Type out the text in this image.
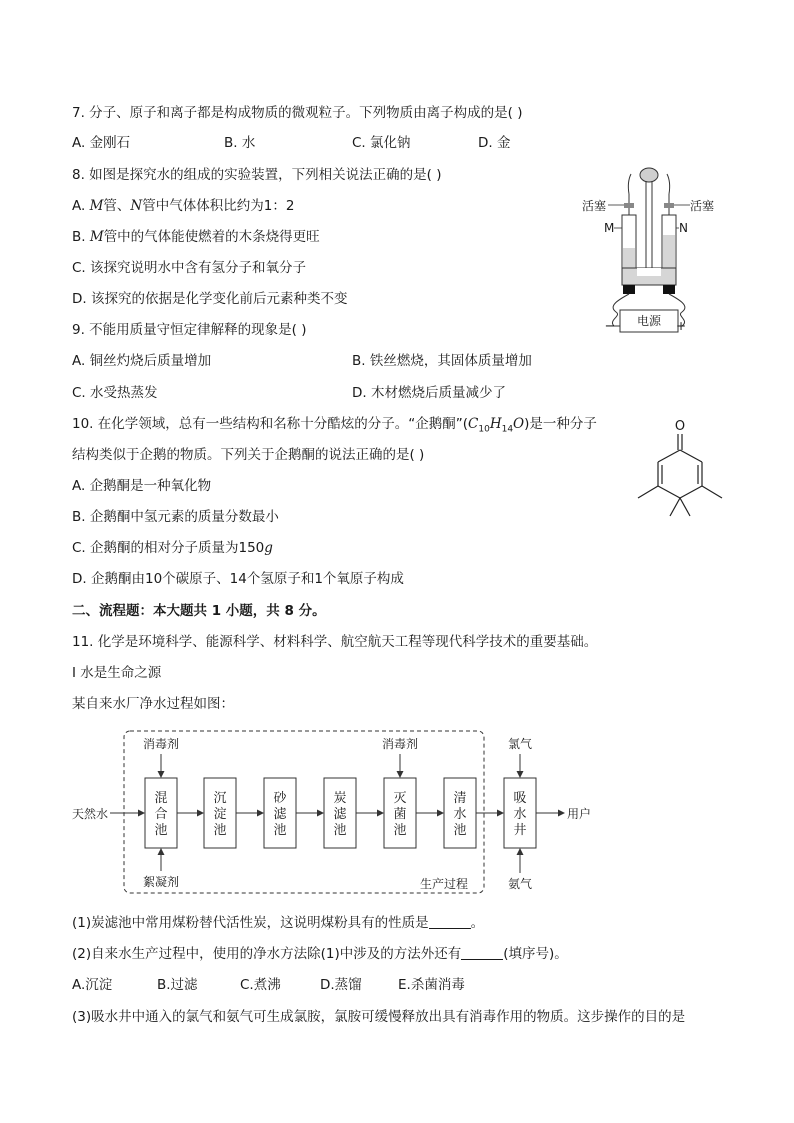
7. 分子、原子和离子都是构成物质的微观粒子。下列物质由离子构成的是( )
A. 金刚石	B. 水	C. 氯化钠	D. 金
8. 如图是探究水的组成的实验装置，下列相关说法正确的是( )
A. M管、N管中气体体积比约为1：2
B. M管中的气体能使燃着的木条烧得更旺
C. 该探究说明水中含有氢分子和氧分子
D. 该探究的依据是化学变化前后元素种类不变
电源
−	+
活塞	活塞
M	N
9. 不能用质量守恒定律解释的现象是( )
A. 铜丝灼烧后质量增加	B. 铁丝燃烧，其固体质量增加
C. 水受热蒸发	D. 木材燃烧后质量减少了
10. 在化学领域，总有一些结构和名称十分酷炫的分子。“企鹅酮$”(C_{10}H_{14}O)$是一种分子
结构类似于企鹅的物质。下列关于企鹅酮的说法正确的是( )
A. 企鹅酮是一种氧化物
B. 企鹅酮中氢元素的质量分数最小
C. 企鹅酮的相对分子质量为150g
D. 企鹅酮由10个碳原子、14个氢原子和1个氧原子构成
O
二、流程题：本大题共 1 小题，共 8 分。
11. 化学是环境科学、能源科学、材料科学、航空航天工程等现代科学技术的重要基础。
Ⅰ 水是生命之源
某自来水厂净水过程如图：
生产过程
天然水
混合池
沉淀池
砂滤池
炭滤池
灭菌池
清水池
吸水井
用户
消毒剂	消毒剂
絮凝剂
氯气
氨气
(1)炭滤池中常用煤粉替代活性炭，这说明煤粉具有的性质是	。
(2)自来水生产过程中，使用的净水方法除(1)中涉及的方法外还有	(填序号)。
A.沉淀	B.过滤	C.煮沸	D.蒸馏	E.杀菌消毒
(3)吸水井中通入的氯气和氨气可生成氯胺，氯胺可缓慢释放出具有消毒作用的物质。这步操作的目的是
